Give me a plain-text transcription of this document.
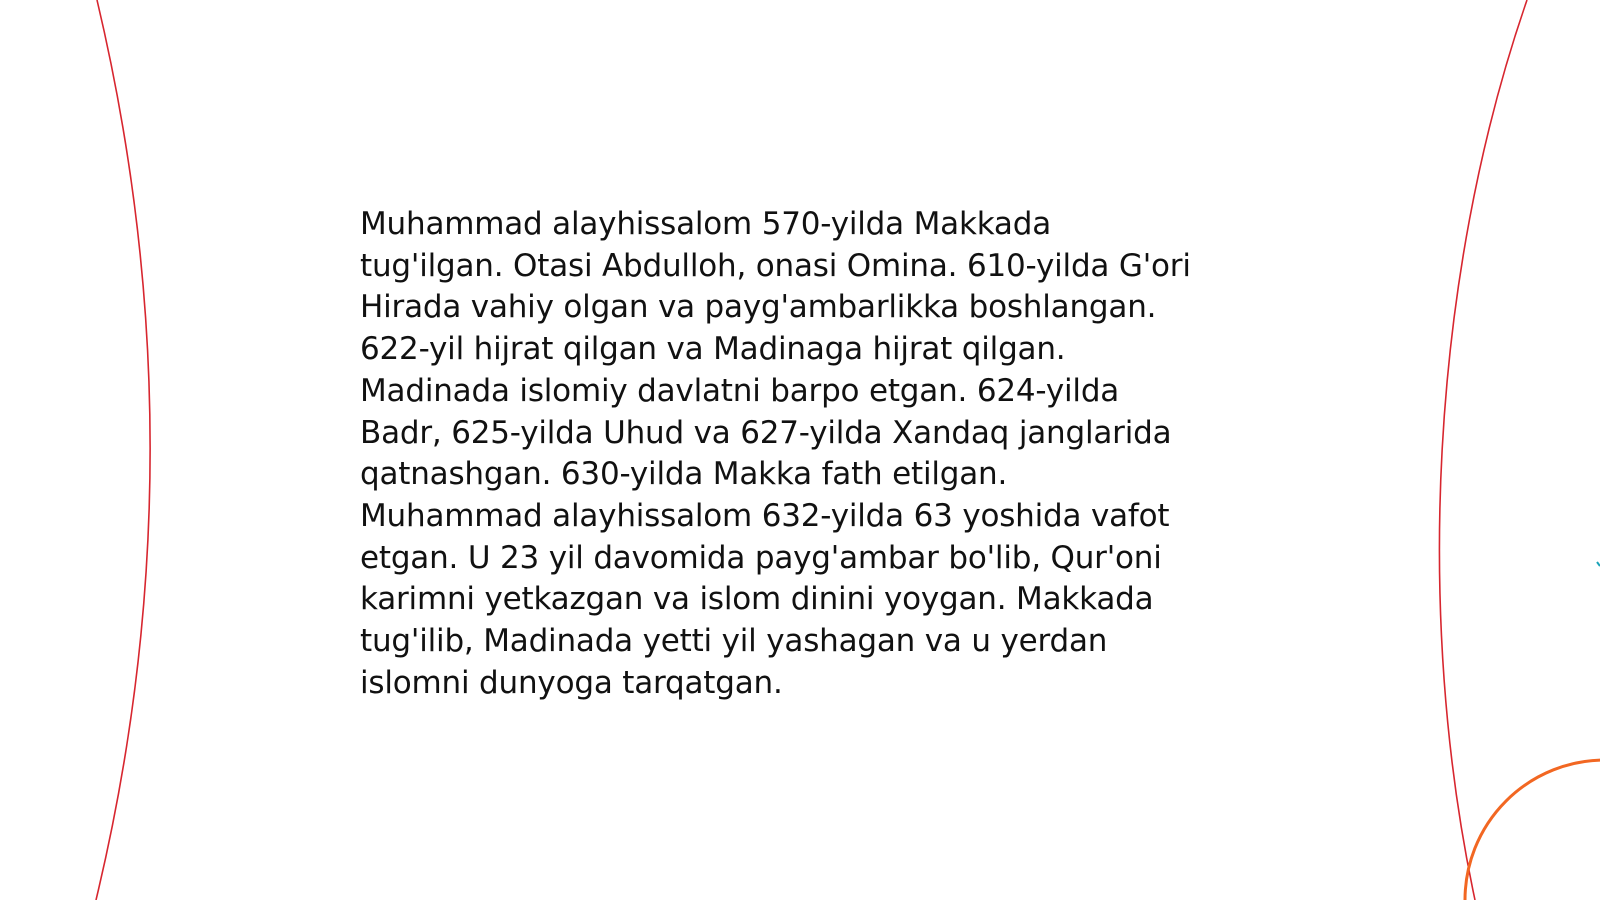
Muhammad alayhissalom 570-yilda Makkada
tug'ilgan. Otasi Abdulloh, onasi Omina. 610-yilda G'ori
Hirada vahiy olgan va payg'ambarlikka boshlangan.
622-yil hijrat qilgan va Madinaga hijrat qilgan.
Madinada islomiy davlatni barpo etgan. 624-yilda
Badr, 625-yilda Uhud va 627-yilda Xandaq janglarida
qatnashgan. 630-yilda Makka fath etilgan.
Muhammad alayhissalom 632-yilda 63 yoshida vafot
etgan. U 23 yil davomida payg'ambar bo'lib, Qur'oni
karimni yetkazgan va islom dinini yoygan. Makkada
tug'ilib, Madinada yetti yil yashagan va u yerdan
islomni dunyoga tarqatgan.
